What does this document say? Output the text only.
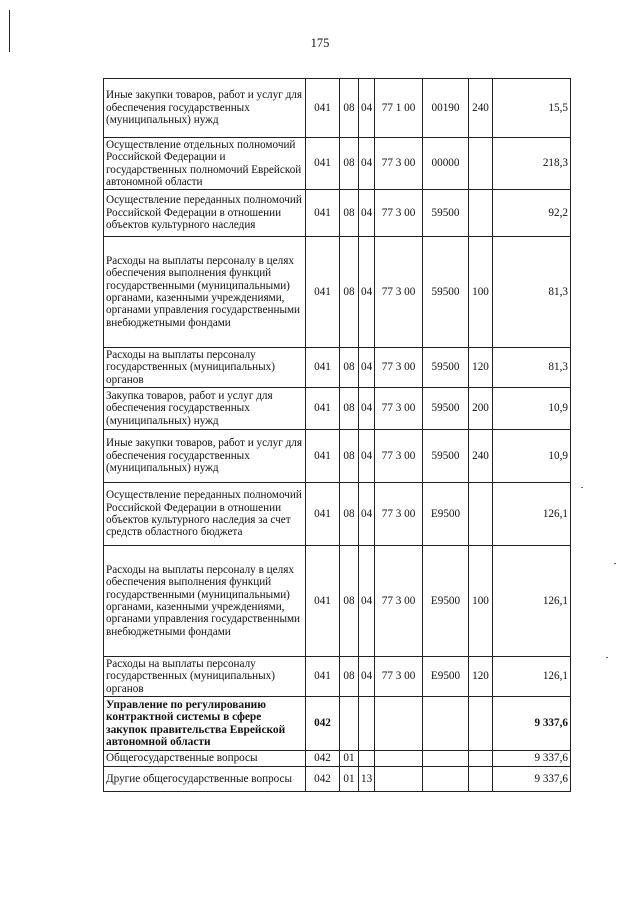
175
Иные закупки товаров, работ и услуг для обеспечения государственных (муниципальных) нужд	041	08	04	77 1 00	00190	240	15,5
Осуществление отдельных полномочий Российской Федерации и государственных полномочий Еврейской автономной области	041	08	04	77 3 00	00000		218,3
Осуществление переданных полномочий Российской Федерации в отношении объектов культурного наследия	041	08	04	77 3 00	59500		92,2
Расходы на выплаты персоналу в целях обеспечения выполнения функций государственными (муниципальными) органами, казенными учреждениями, органами управления государственными внебюджетными фондами	041	08	04	77 3 00	59500	100	81,3
Расходы на выплаты персоналу государственных (муниципальных) органов	041	08	04	77 3 00	59500	120	81,3
Закупка товаров, работ и услуг для обеспечения государственных (муниципальных) нужд	041	08	04	77 3 00	59500	200	10,9
Иные закупки товаров, работ и услуг для обеспечения государственных (муниципальных) нужд	041	08	04	77 3 00	59500	240	10,9
Осуществление переданных полномочий Российской Федерации в отношении объектов культурного наследия за счет средств областного бюджета	041	08	04	77 3 00	E9500		126,1
Расходы на выплаты персоналу в целях обеспечения выполнения функций государственными (муниципальными) органами, казенными учреждениями, органами управления государственными внебюджетными фондами	041	08	04	77 3 00	E9500	100	126,1
Расходы на выплаты персоналу государственных (муниципальных) органов	041	08	04	77 3 00	E9500	120	126,1
Управление по регулированию контрактной системы в сфере закупок правительства Еврейской автономной области	042						9 337,6
Общегосударственные вопросы	042	01					9 337,6
Другие общегосударственные вопросы	042	01	13				9 337,6
